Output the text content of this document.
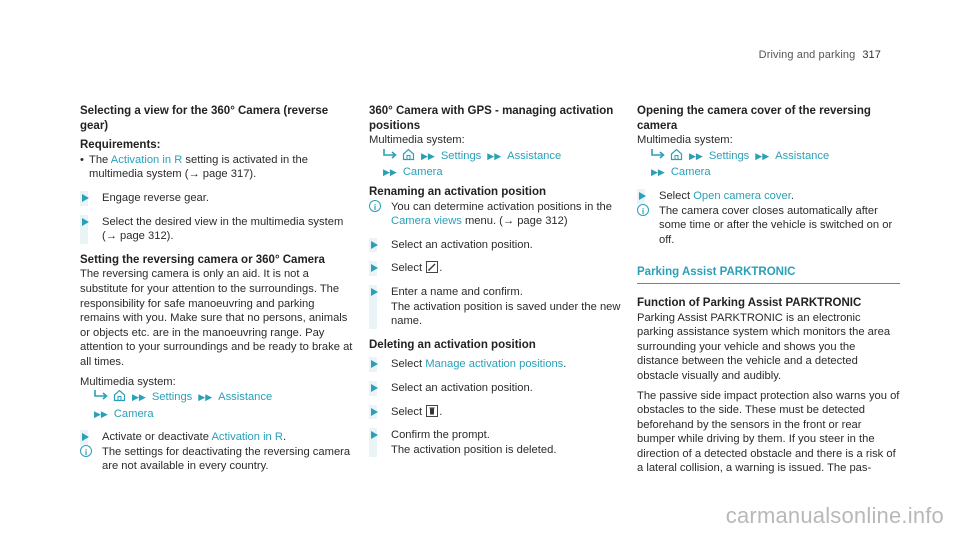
Driving and parking 317
Selecting a view for the 360° Camera (reverse gear)
Requirements:

• The Activation in R setting is activated in the multimedia system (→ page 317).

Engage reverse gear.

Select the desired view in the multimedia system (→ page 312).

Setting the reversing camera or 360° Camera

The reversing camera is only an aid. It is not a substitute for your attention to the surroundings. The responsibility for safe manoeuvring and parking remains with you. Make sure that no persons, animals or objects etc. are in the manoeuvring range. Pay attention to your surroundings and be ready to brake at all times.

Multimedia system:

▶▶ Settings ▶▶ Assistance

▶▶ Camera

Activate or deactivate Activation in R.

i	The settings for deactivating the reversing camera are not available in every country.

360° Camera with GPS - managing activation positions

Multimedia system:

▶▶ Settings ▶▶ Assistance

▶▶ Camera

Renaming an activation position
i	You can determine activation positions in the Camera views menu. (→ page 312)

Select an activation position.

Select
.

Enter a name and confirm.

The activation position is saved under the new name.

Deleting an activation position

Select Manage activation positions.

Select an activation position.

Select
.

Confirm the prompt.

The activation position is deleted.

Opening the camera cover of the reversing camera

Multimedia system:

▶▶ Settings ▶▶ Assistance

▶▶ Camera

Select Open camera cover.

i	The camera cover closes automatically after some time or after the vehicle is switched on or off.

Parking Assist PARKTRONIC
Function of Parking Assist PARKTRONIC

Parking Assist PARKTRONIC is an electronic parking assistance system which monitors the area surrounding your vehicle and shows you the distance between the vehicle and a detected obstacle visually and audibly.

The passive side impact protection also warns you of obstacles to the side. These must be detected beforehand by the sensors in the front or rear bumper while driving by them. If you steer in the direction of a detected obstacle and there is a risk of a lateral collision, a warning is issued. The pas-

carmanualsonline.info
